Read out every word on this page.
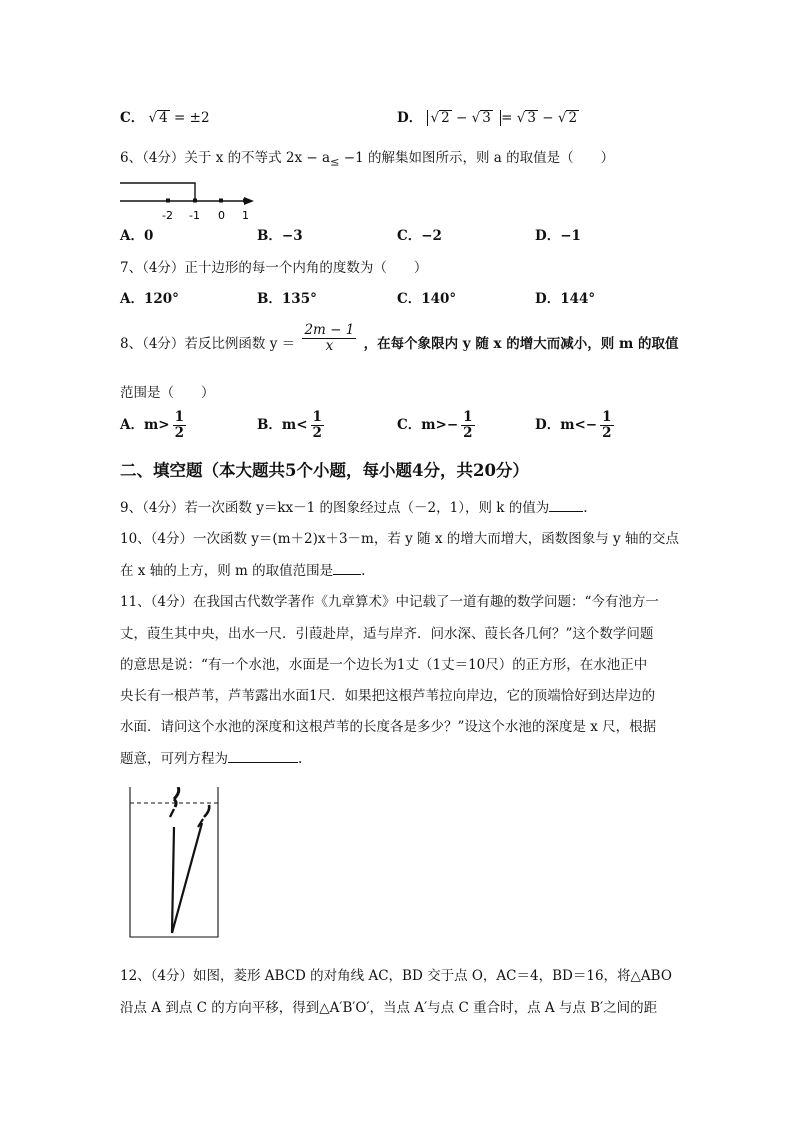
C． √ 4 = ±2	D． √ 2 − √ 3 = √ 3 − √ 2
6、（4分）关于 x 的不等式 $2x - a_\le -1$ 的解集如图所示，则 a 的取值是（　　）
-2 -1 0 1
A．0	B．−3	C．−2	D．−1
7、（4分）正十边形的每一个内角的度数为（　　）
A．120°	B．135°	C．140°	D．144°
8、（4分）若反比例函数 $y = \frac{2m - 1}{x}$ ，在每个象限内 y 随 x 的增大而减小，则 m 的取值
范围是（　　）
A．$m> \frac{1}{2}$	B．$m< \frac{1}{2}$	C．$m>- \frac{1}{2}$	D．$m<- \frac{1}{2}$
二、填空题（本大题共5个小题，每小题4分，共20分）
9、（4分）若一次函数 y＝kx－1 的图象经过点（－2，1），则 k 的值为	.
10、（4分）一次函数 y＝(m＋2)x＋3－m，若 y 随 x 的增大而增大，函数图象与 y 轴的交点
在 x 轴的上方，则 m 的取值范围是 .
11、（4分）在我国古代数学著作《九章算术》中记载了一道有趣的数学问题：“今有池方一
丈，葭生其中央，出水一尺．引葭赴岸，适与岸齐．问水深、葭长各几何？”这个数学问题
的意思是说：“有一个水池，水面是一个边长为1丈（1丈＝10尺）的正方形，在水池正中
央长有一根芦苇，芦苇露出水面1尺．如果把这根芦苇拉向岸边，它的顶端恰好到达岸边的
水面．请问这个水池的深度和这根芦苇的长度各是多少？”设这个水池的深度是 x 尺，根据
题意，可列方程为	.
12、（4分）如图，菱形 ABCD 的对角线 AC，BD 交于点 O，AC＝4，BD＝16，将△ABO
沿点 A 到点 C 的方向平移，得到△A′B′O′，当点 A′与点 C 重合时，点 A 与点 B′之间的距
